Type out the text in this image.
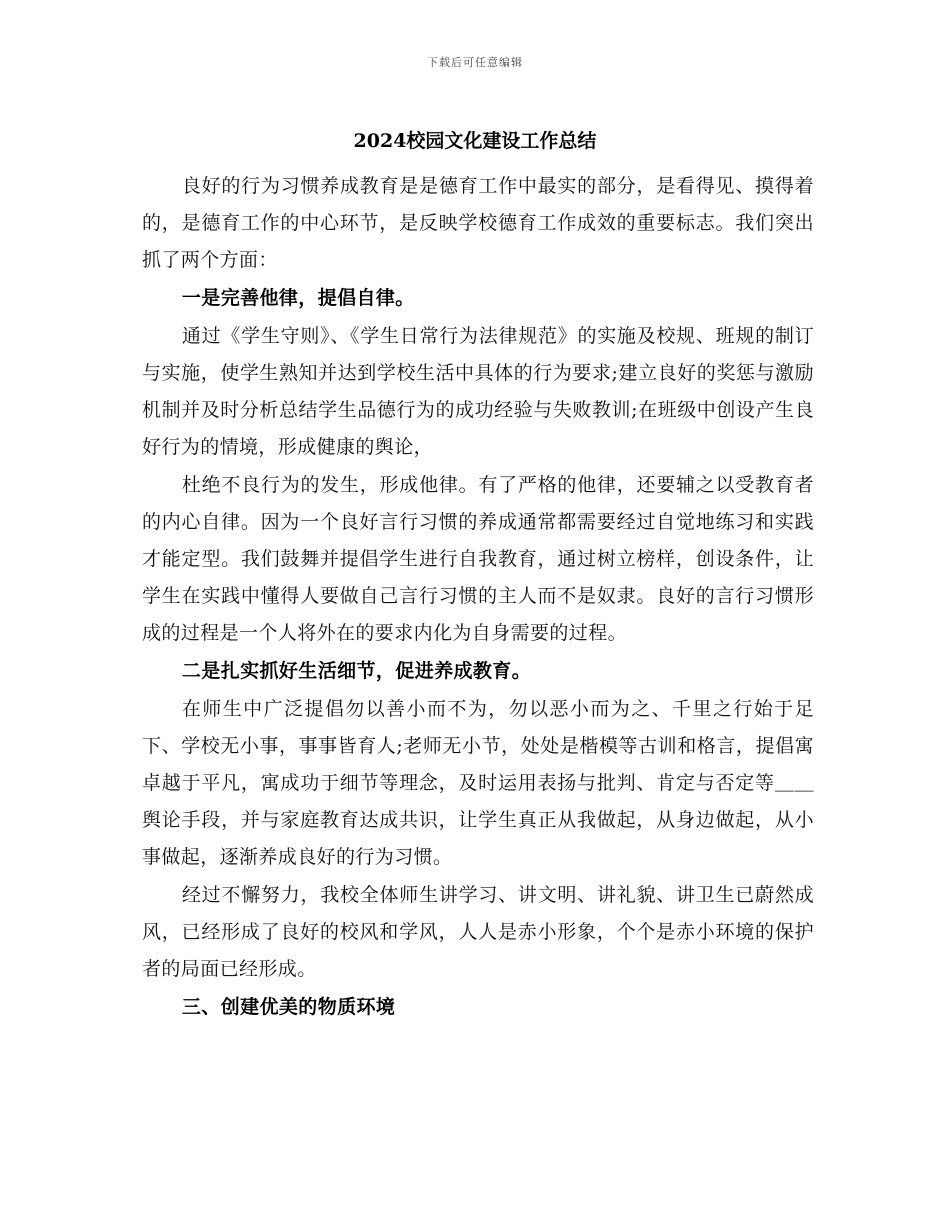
下载后可任意编辑
2024校园文化建设工作总结

良好的行为习惯养成教育是是德育工作中最实的部分，是看得见、摸得着的，是德育工作的中心环节，是反映学校德育工作成效的重要标志。我们突出抓了两个方面：

一是完善他律，提倡自律。

通过《学生守则》、《学生日常行为法律规范》的实施及校规、班规的制订与实施，使学生熟知并达到学校生活中具体的行为要求;建立良好的奖惩与激励机制并及时分析总结学生品德行为的成功经验与失败教训;在班级中创设产生良好行为的情境，形成健康的舆论，

杜绝不良行为的发生，形成他律。有了严格的他律，还要辅之以受教育者的内心自律。因为一个良好言行习惯的养成通常都需要经过自觉地练习和实践才能定型。我们鼓舞并提倡学生进行自我教育，通过树立榜样，创设条件，让学生在实践中懂得人要做自己言行习惯的主人而不是奴隶。良好的言行习惯形成的过程是一个人将外在的要求内化为自身需要的过程。

二是扎实抓好生活细节，促进养成教育。

在师生中广泛提倡勿以善小而不为，勿以恶小而为之、千里之行始于足下、学校无小事，事事皆育人;老师无小节，处处是楷模等古训和格言，提倡寓卓越于平凡，寓成功于细节等理念，及时运用表扬与批判、肯定与否定等＿＿舆论手段，并与家庭教育达成共识，让学生真正从我做起，从身边做起，从小事做起，逐渐养成良好的行为习惯。

经过不懈努力，我校全体师生讲学习、讲文明、讲礼貌、讲卫生已蔚然成风，已经形成了良好的校风和学风，人人是赤小形象，个个是赤小环境的保护者的局面已经形成。

三、创建优美的物质环境
